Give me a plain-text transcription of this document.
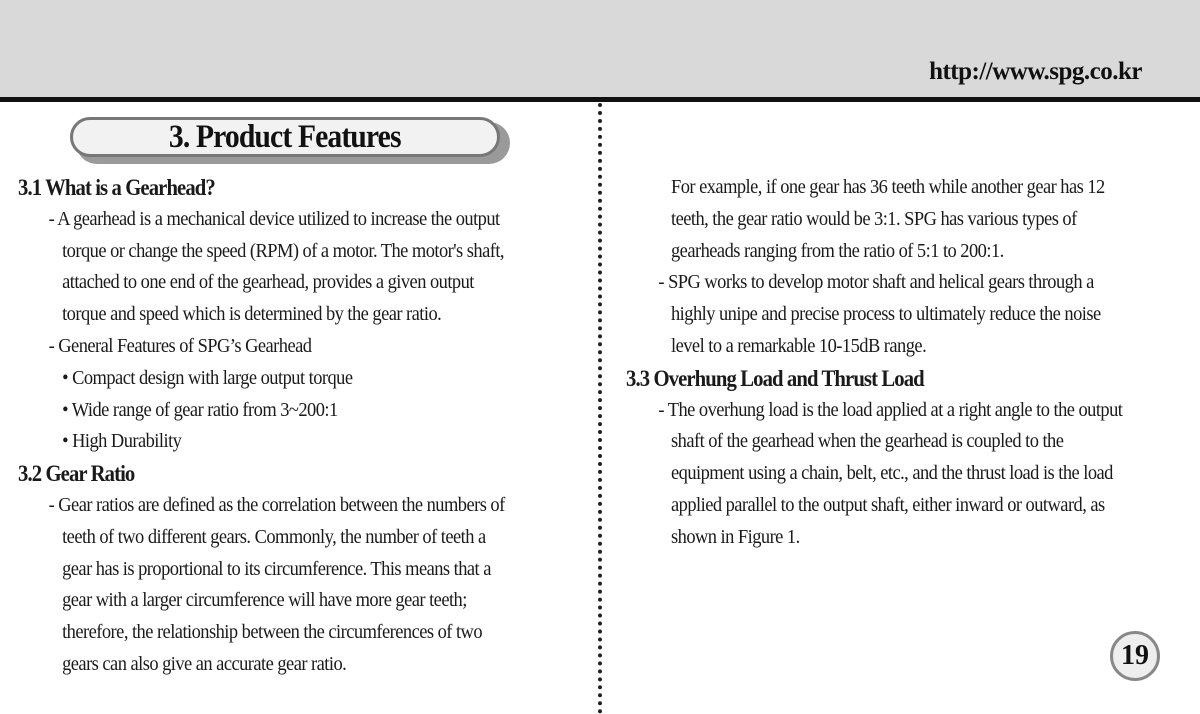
http://www.spg.co.kr
3. Product Features
3.1 What is a Gearhead?
- A gearhead is a mechanical device utilized to increase the output
torque or change the speed (RPM) of a motor. The motor's shaft,
attached to one end of the gearhead, provides a given output
torque and speed which is determined by the gear ratio.
- General Features of SPG’s Gearhead
• Compact design with large output torque
• Wide range of gear ratio from 3~200:1
• High Durability
3.2 Gear Ratio
- Gear ratios are defined as the correlation between the numbers of
teeth of two different gears. Commonly, the number of teeth a
gear has is proportional to its circumference. This means that a
gear with a larger circumference will have more gear teeth;
therefore, the relationship between the circumferences of two
gears can also give an accurate gear ratio.
For example, if one gear has 36 teeth while another gear has 12
teeth, the gear ratio would be 3:1. SPG has various types of
gearheads ranging from the ratio of 5:1 to 200:1.
- SPG works to develop motor shaft and helical gears through a
highly unipe and precise process to ultimately reduce the noise
level to a remarkable 10-15dB range.
3.3 Overhung Load and Thrust Load
- The overhung load is the load applied at a right angle to the output
shaft of the gearhead when the gearhead is coupled to the
equipment using a chain, belt, etc., and the thrust load is the load
applied parallel to the output shaft, either inward or outward, as
shown in Figure 1.
19
